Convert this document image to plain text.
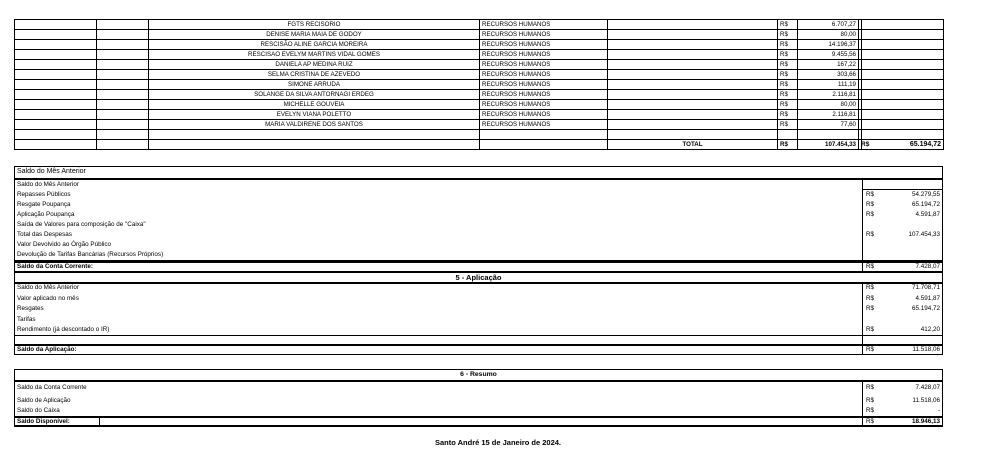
		FGTS RECISORIO	RECURSOS HUMANOS		R$	6.707,27		
		DENISE MARIA MAIA DE GODOY	RECURSOS HUMANOS		R$	80,00		
		RESCISÃO ALINE GARCIA MOREIRA	RECURSOS HUMANOS		R$	14.196,37		
		RESCISAO EVELYM MARTINS VIDAL GOMES	RECURSOS HUMANOS		R$	9.455,56		
		DANIELA AP MEDINA RUIZ	RECURSOS HUMANOS		R$	167,22		
		SELMA CRISTINA DE AZEVEDO	RECURSOS HUMANOS		R$	303,66		
		SIMONE ARRUDA	RECURSOS HUMANOS		R$	111,19		
		SOLANGE DA SILVA ANTORNAGI ERDEG	RECURSOS HUMANOS		R$	2.116,81		
		MICHELLE GOUVEIA	RECURSOS HUMANOS		R$	80,00		
		EVELYN VIANA POLETTO	RECURSOS HUMANOS		R$	2.116,81		
		MARIA VALDIRENE DOS SANTOS	RECURSOS HUMANOS		R$	77,60		

				TOTAL	R$	107.454,33	R$	65.194,72
Saldo do Mês Anterior
Saldo do Mês Anterior
Repasses Públicos	R$	54.279,55
Resgate Poupança	R$	65.194,72
Aplicação Poupança	R$	4.591,87
Saída de Valores para composição de "Caixa"
Total das Despesas	R$	107.454,33
Valor Devolvido ao Órgão Público
Devolução de Tarifas Bancárias (Recursos Próprios)
Saldo da Conta Corrente:	R$	7.428,07
5 - Aplicação
Saldo do Mês Anterior	R$	71.708,71
Valor aplicado no mês	R$	4.591,87
Resgates	R$	65.194,72
Tarifas
Rendimento (já descontado o IR)	R$	412,20
Saldo da Aplicação:	R$	11.518,06
6 - Resumo
Saldo da Conta Corrente	R$	7.428,07
Saldo de Aplicação	R$	11.518,06
Saldo do Caixa	R$	-
Saldo Disponível:	R$	18.946,13
Santo André 15 de Janeiro de 2024.
